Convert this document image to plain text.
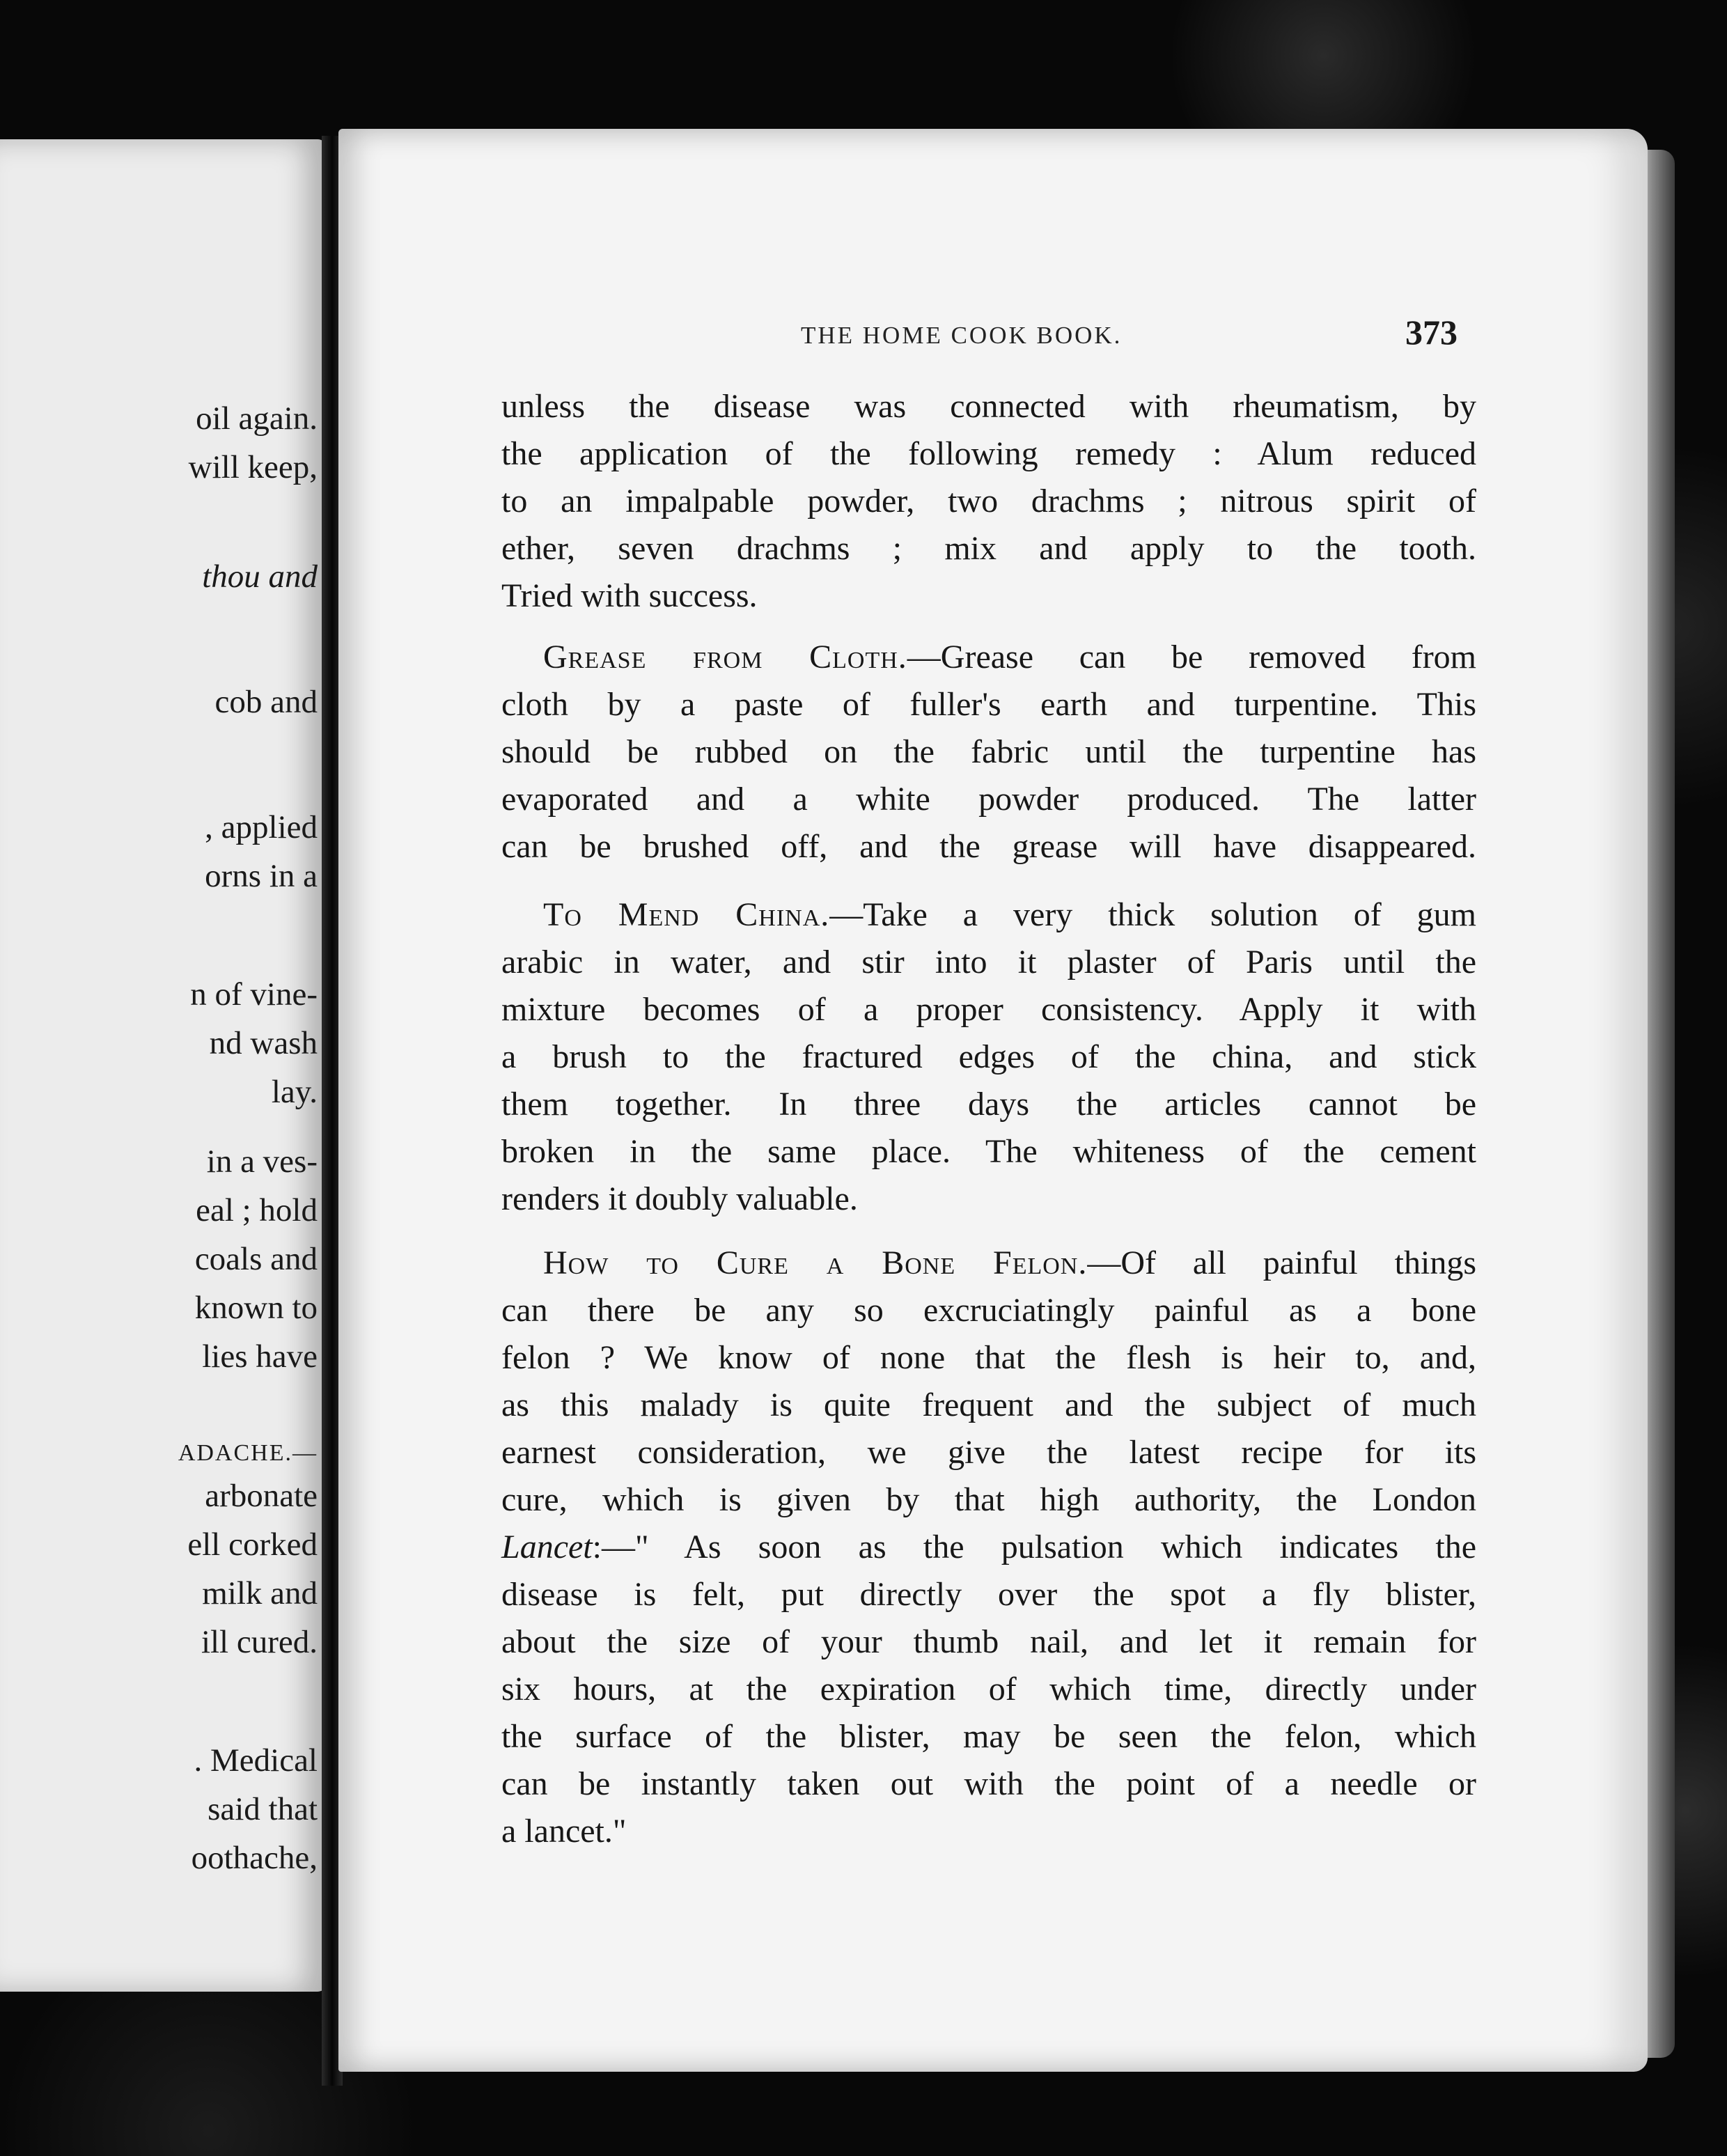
oil again.
will keep,
thou and
cob and
, applied
orns in a
n of vine-
nd wash
lay.
in a ves-
eal ; hold
coals and
known to
lies have
ADACHE.—
arbonate
ell corked
milk and
ill cured.
. Medical
said that
oothache,
THE HOME COOK BOOK.	373
unless the disease was connected with rheumatism, by
the application of the following remedy : Alum reduced
to an impalpable powder, two drachms ; nitrous spirit of
ether, seven drachms ; mix and apply to the tooth.
Tried with success.
Grease from Cloth.—Grease can be removed from
cloth by a paste of fuller's earth and turpentine. This
should be rubbed on the fabric until the turpentine has
evaporated and a white powder produced. The latter
can be brushed off, and the grease will have disappeared.
To Mend China.—Take a very thick solution of gum
arabic in water, and stir into it plaster of Paris until the
mixture becomes of a proper consistency. Apply it with
a brush to the fractured edges of the china, and stick
them together. In three days the articles cannot be
broken in the same place. The whiteness of the cement
renders it doubly valuable.
How to Cure a Bone Felon.—Of all painful things
can there be any so excruciatingly painful as a bone
felon ? We know of none that the flesh is heir to, and,
as this malady is quite frequent and the subject of much
earnest consideration, we give the latest recipe for its
cure, which is given by that high authority, the London
Lancet:—" As soon as the pulsation which indicates the
disease is felt, put directly over the spot a fly blister,
about the size of your thumb nail, and let it remain for
six hours, at the expiration of which time, directly under
the surface of the blister, may be seen the felon, which
can be instantly taken out with the point of a needle or
a lancet."
